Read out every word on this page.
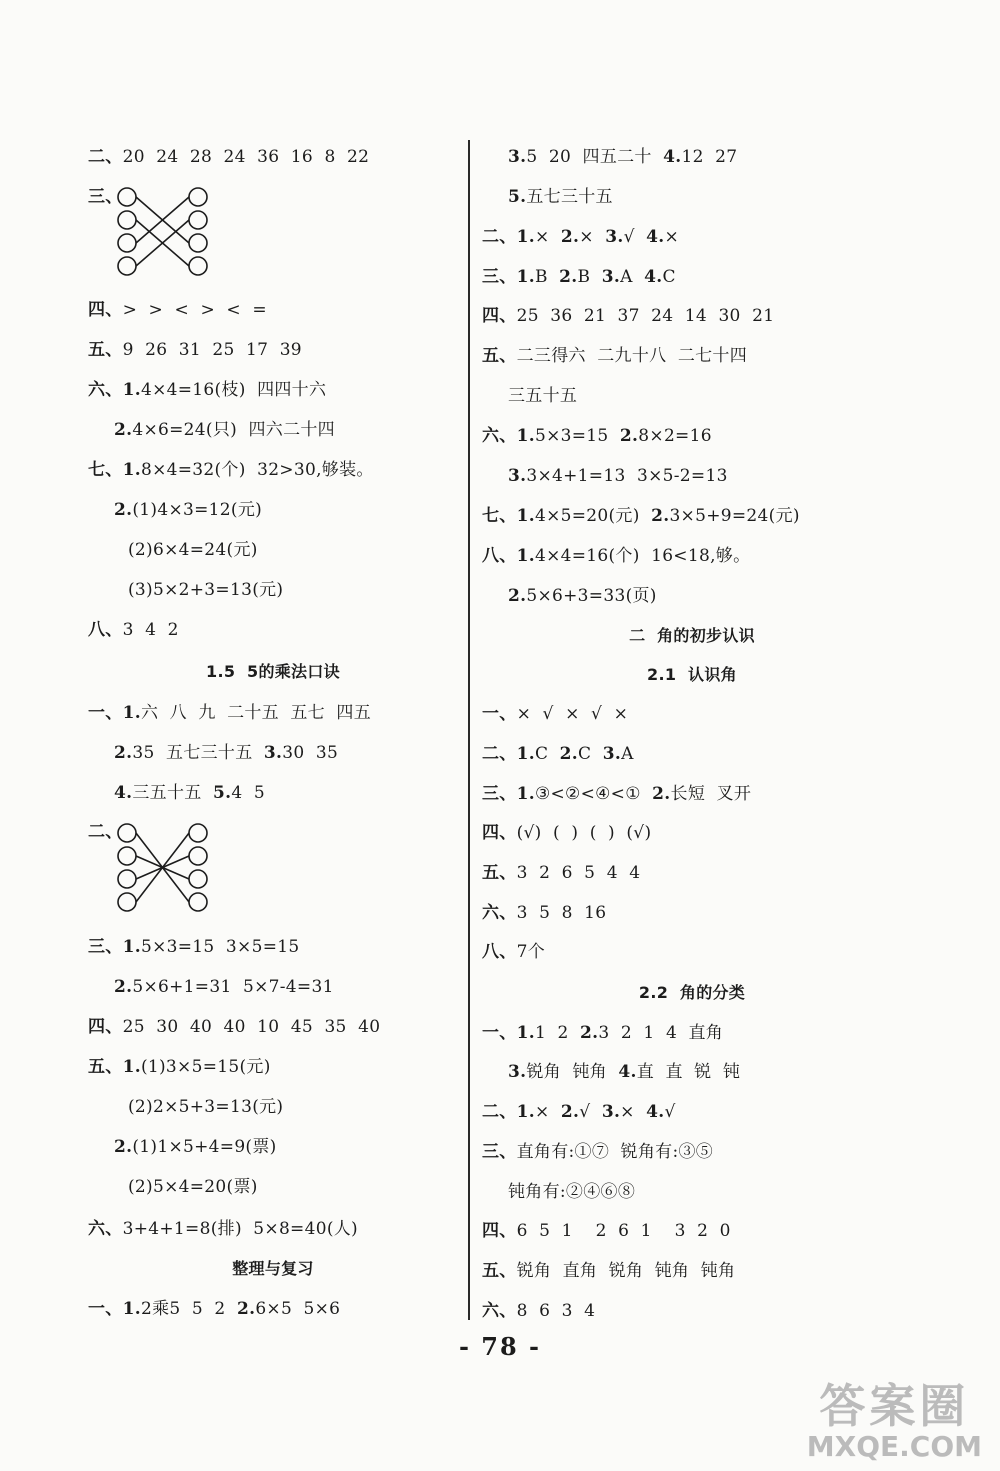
二、20  24  28  24  36  16  8  22
三、
四、>  >  <  >  <  =
五、9  26  31  25  17  39
六、1.4×4=16(枝)  四四十六
2.4×6=24(只)  四六二十四
七、1.8×4=32(个)  32>30,够装。
2.(1)4×3=12(元)
(2)6×4=24(元)
(3)5×2+3=13(元)
八、3  4  2
1.5  5的乘法口诀
一、1.六  八  九  二十五  五七  四五
2.35  五七三十五  3.30  35
4.三五十五  5.4  5
二、
三、1.5×3=15  3×5=15
2.5×6+1=31  5×7-4=31
四、25  30  40  40  10  45  35  40
五、1.(1)3×5=15(元)
(2)2×5+3=13(元)
2.(1)1×5+4=9(票)
(2)5×4=20(票)
六、3+4+1=8(排)  5×8=40(人)
整理与复习
一、1.2乘5  5  2  2.6×5  5×6
3.5  20  四五二十  4.12  27
5.五七三十五
二、1.×  2.×  3.√  4.×
三、1.B  2.B  3.A  4.C
四、25  36  21  37  24  14  30  21
五、二三得六  二九十八  二七十四
三五十五
六、1.5×3=15  2.8×2=16
3.3×4+1=13  3×5-2=13
七、1.4×5=20(元)  2.3×5+9=24(元)
八、1.4×4=16(个)  16<18,够。
2.5×6+3=33(页)
二  角的初步认识
2.1  认识角
一、×  √  ×  √  ×
二、1.C  2.C  3.A
三、1.③<②<④<①  2.长短  叉开
四、(√)  (  )  (  )  (√)
五、3  2  6  5  4  4
六、3  5  8  16
八、7个
2.2  角的分类
一、1.1  2  2.3  2  1  4  直角
3.锐角  钝角  4.直  直  锐  钝
二、1.×  2.√  3.×  4.√
三、直角有:①⑦  锐角有:③⑤
钝角有:②④⑥⑧
四、6  5  1    2  6  1    3  2  0
五、锐角  直角  锐角  钝角  钝角
六、8  6  3  4
- 78 -
答案圈
MXQE.COM
